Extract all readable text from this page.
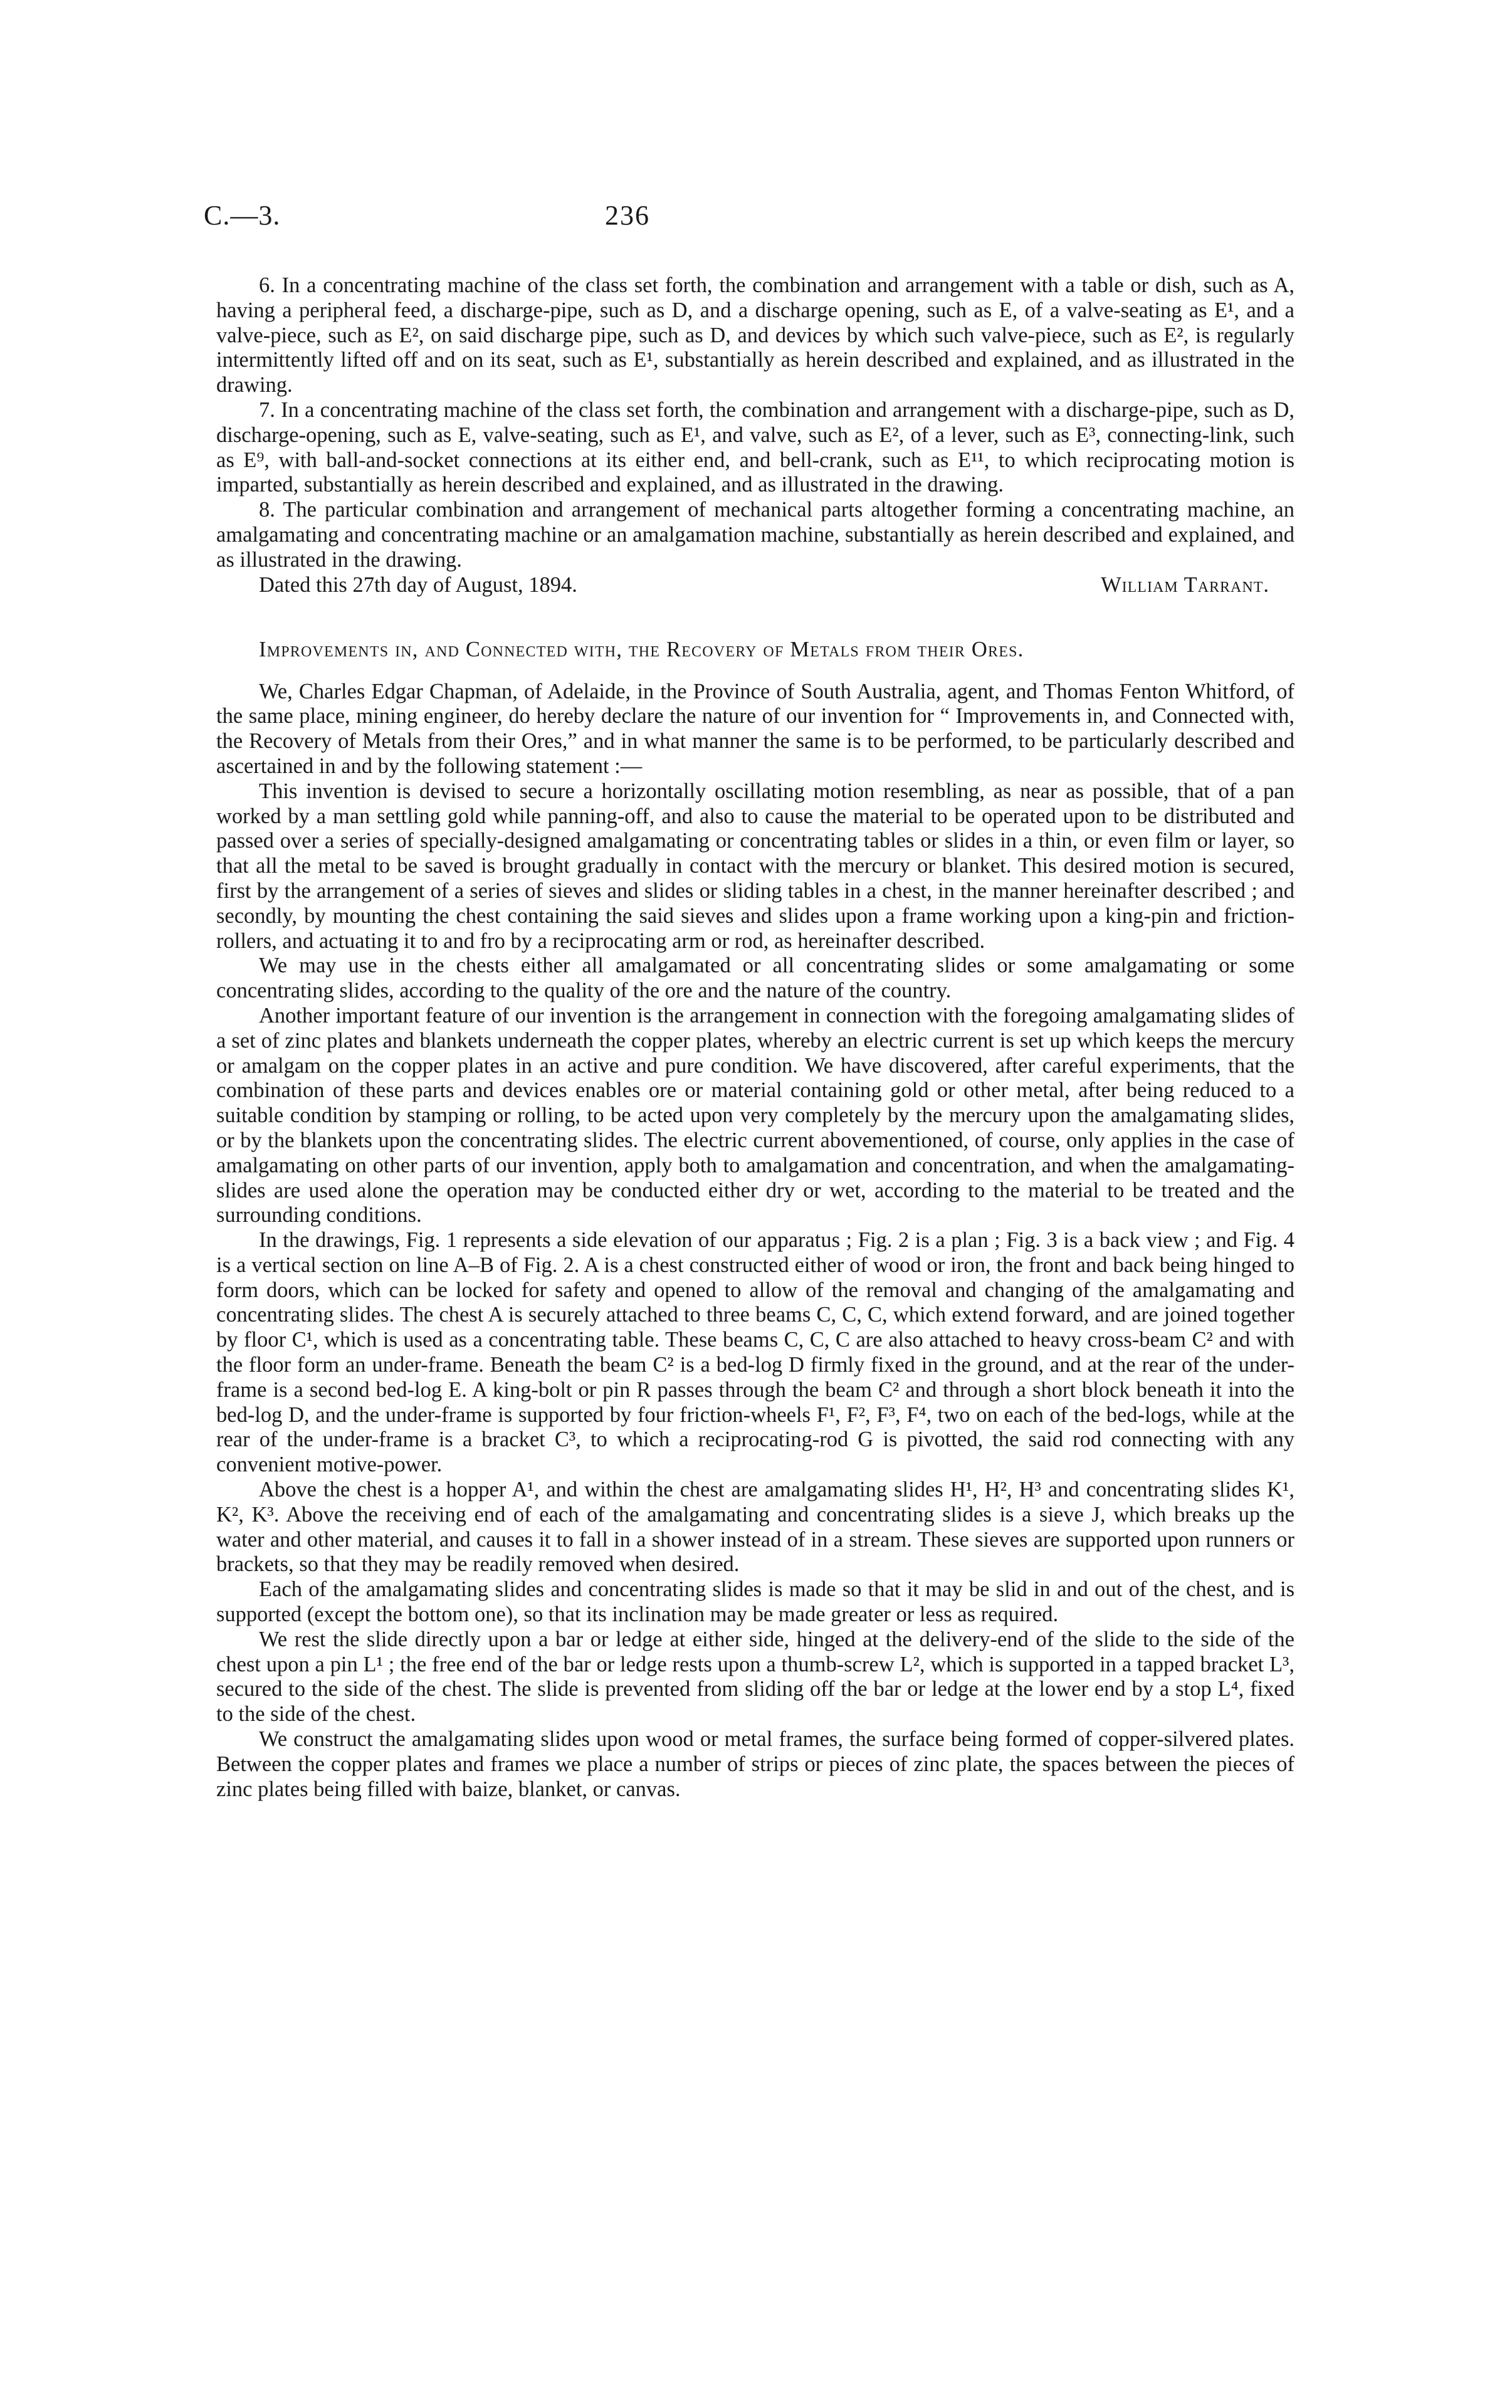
C.—3.	236

6. In a concentrating machine of the class set forth, the combination and arrangement with a table or dish, such as A, having a peripheral feed, a discharge-pipe, such as D, and a discharge opening, such as E, of a valve-seating as E¹, and a valve-piece, such as E², on said discharge pipe, such as D, and devices by which such valve-piece, such as E², is regularly intermittently lifted off and on its seat, such as E¹, substantially as herein described and explained, and as illustrated in the drawing.

7. In a concentrating machine of the class set forth, the combination and arrangement with a discharge-pipe, such as D, discharge-opening, such as E, valve-seating, such as E¹, and valve, such as E², of a lever, such as E³, connecting-link, such as E⁹, with ball-and-socket connections at its either end, and bell-crank, such as E¹¹, to which reciprocating motion is imparted, substantially as herein described and explained, and as illustrated in the drawing.

8. The particular combination and arrangement of mechanical parts altogether forming a concentrating machine, an amalgamating and concentrating machine or an amalgamation machine, substantially as herein described and explained, and as illustrated in the drawing.

Dated this 27th day of August, 1894.	William Tarrant.

Improvements in, and Connected with, the Recovery of Metals from their Ores.

We, Charles Edgar Chapman, of Adelaide, in the Province of South Australia, agent, and Thomas Fenton Whitford, of the same place, mining engineer, do hereby declare the nature of our invention for “ Improvements in, and Connected with, the Recovery of Metals from their Ores,” and in what manner the same is to be performed, to be particularly described and ascertained in and by the following statement :—

This invention is devised to secure a horizontally oscillating motion resembling, as near as possible, that of a pan worked by a man settling gold while panning-off, and also to cause the material to be operated upon to be distributed and passed over a series of specially-designed amalgamating or concentrating tables or slides in a thin, or even film or layer, so that all the metal to be saved is brought gradually in contact with the mercury or blanket. This desired motion is secured, first by the arrangement of a series of sieves and slides or sliding tables in a chest, in the manner hereinafter described ; and secondly, by mounting the chest containing the said sieves and slides upon a frame working upon a king-pin and friction-rollers, and actuating it to and fro by a reciprocating arm or rod, as hereinafter described.

We may use in the chests either all amalgamated or all concentrating slides or some amalgamating or some concentrating slides, according to the quality of the ore and the nature of the country.

Another important feature of our invention is the arrangement in connection with the foregoing amalgamating slides of a set of zinc plates and blankets underneath the copper plates, whereby an electric current is set up which keeps the mercury or amalgam on the copper plates in an active and pure condition. We have discovered, after careful experiments, that the combination of these parts and devices enables ore or material containing gold or other metal, after being reduced to a suitable condition by stamping or rolling, to be acted upon very completely by the mercury upon the amalgamating slides, or by the blankets upon the concentrating slides. The electric current abovementioned, of course, only applies in the case of amalgamating on other parts of our invention, apply both to amalgamation and concentration, and when the amalgamating-slides are used alone the operation may be conducted either dry or wet, according to the material to be treated and the surrounding conditions.

In the drawings, Fig. 1 represents a side elevation of our apparatus ; Fig. 2 is a plan ; Fig. 3 is a back view ; and Fig. 4 is a vertical section on line A–B of Fig. 2. A is a chest constructed either of wood or iron, the front and back being hinged to form doors, which can be locked for safety and opened to allow of the removal and changing of the amalgamating and concentrating slides. The chest A is securely attached to three beams C, C, C, which extend forward, and are joined together by floor C¹, which is used as a concentrating table. These beams C, C, C are also attached to heavy cross-beam C² and with the floor form an under-frame. Beneath the beam C² is a bed-log D firmly fixed in the ground, and at the rear of the under-frame is a second bed-log E. A king-bolt or pin R passes through the beam C² and through a short block beneath it into the bed-log D, and the under-frame is supported by four friction-wheels F¹, F², F³, F⁴, two on each of the bed-logs, while at the rear of the under-frame is a bracket C³, to which a reciprocating-rod G is pivotted, the said rod connecting with any convenient motive-power.

Above the chest is a hopper A¹, and within the chest are amalgamating slides H¹, H², H³ and concentrating slides K¹, K², K³. Above the receiving end of each of the amalgamating and concentrating slides is a sieve J, which breaks up the water and other material, and causes it to fall in a shower instead of in a stream. These sieves are supported upon runners or brackets, so that they may be readily removed when desired.

Each of the amalgamating slides and concentrating slides is made so that it may be slid in and out of the chest, and is supported (except the bottom one), so that its inclination may be made greater or less as required.

We rest the slide directly upon a bar or ledge at either side, hinged at the delivery-end of the slide to the side of the chest upon a pin L¹ ; the free end of the bar or ledge rests upon a thumb-screw L², which is supported in a tapped bracket L³, secured to the side of the chest. The slide is prevented from sliding off the bar or ledge at the lower end by a stop L⁴, fixed to the side of the chest.

We construct the amalgamating slides upon wood or metal frames, the surface being formed of copper-silvered plates. Between the copper plates and frames we place a number of strips or pieces of zinc plate, the spaces between the pieces of zinc plates being filled with baize, blanket, or canvas.
